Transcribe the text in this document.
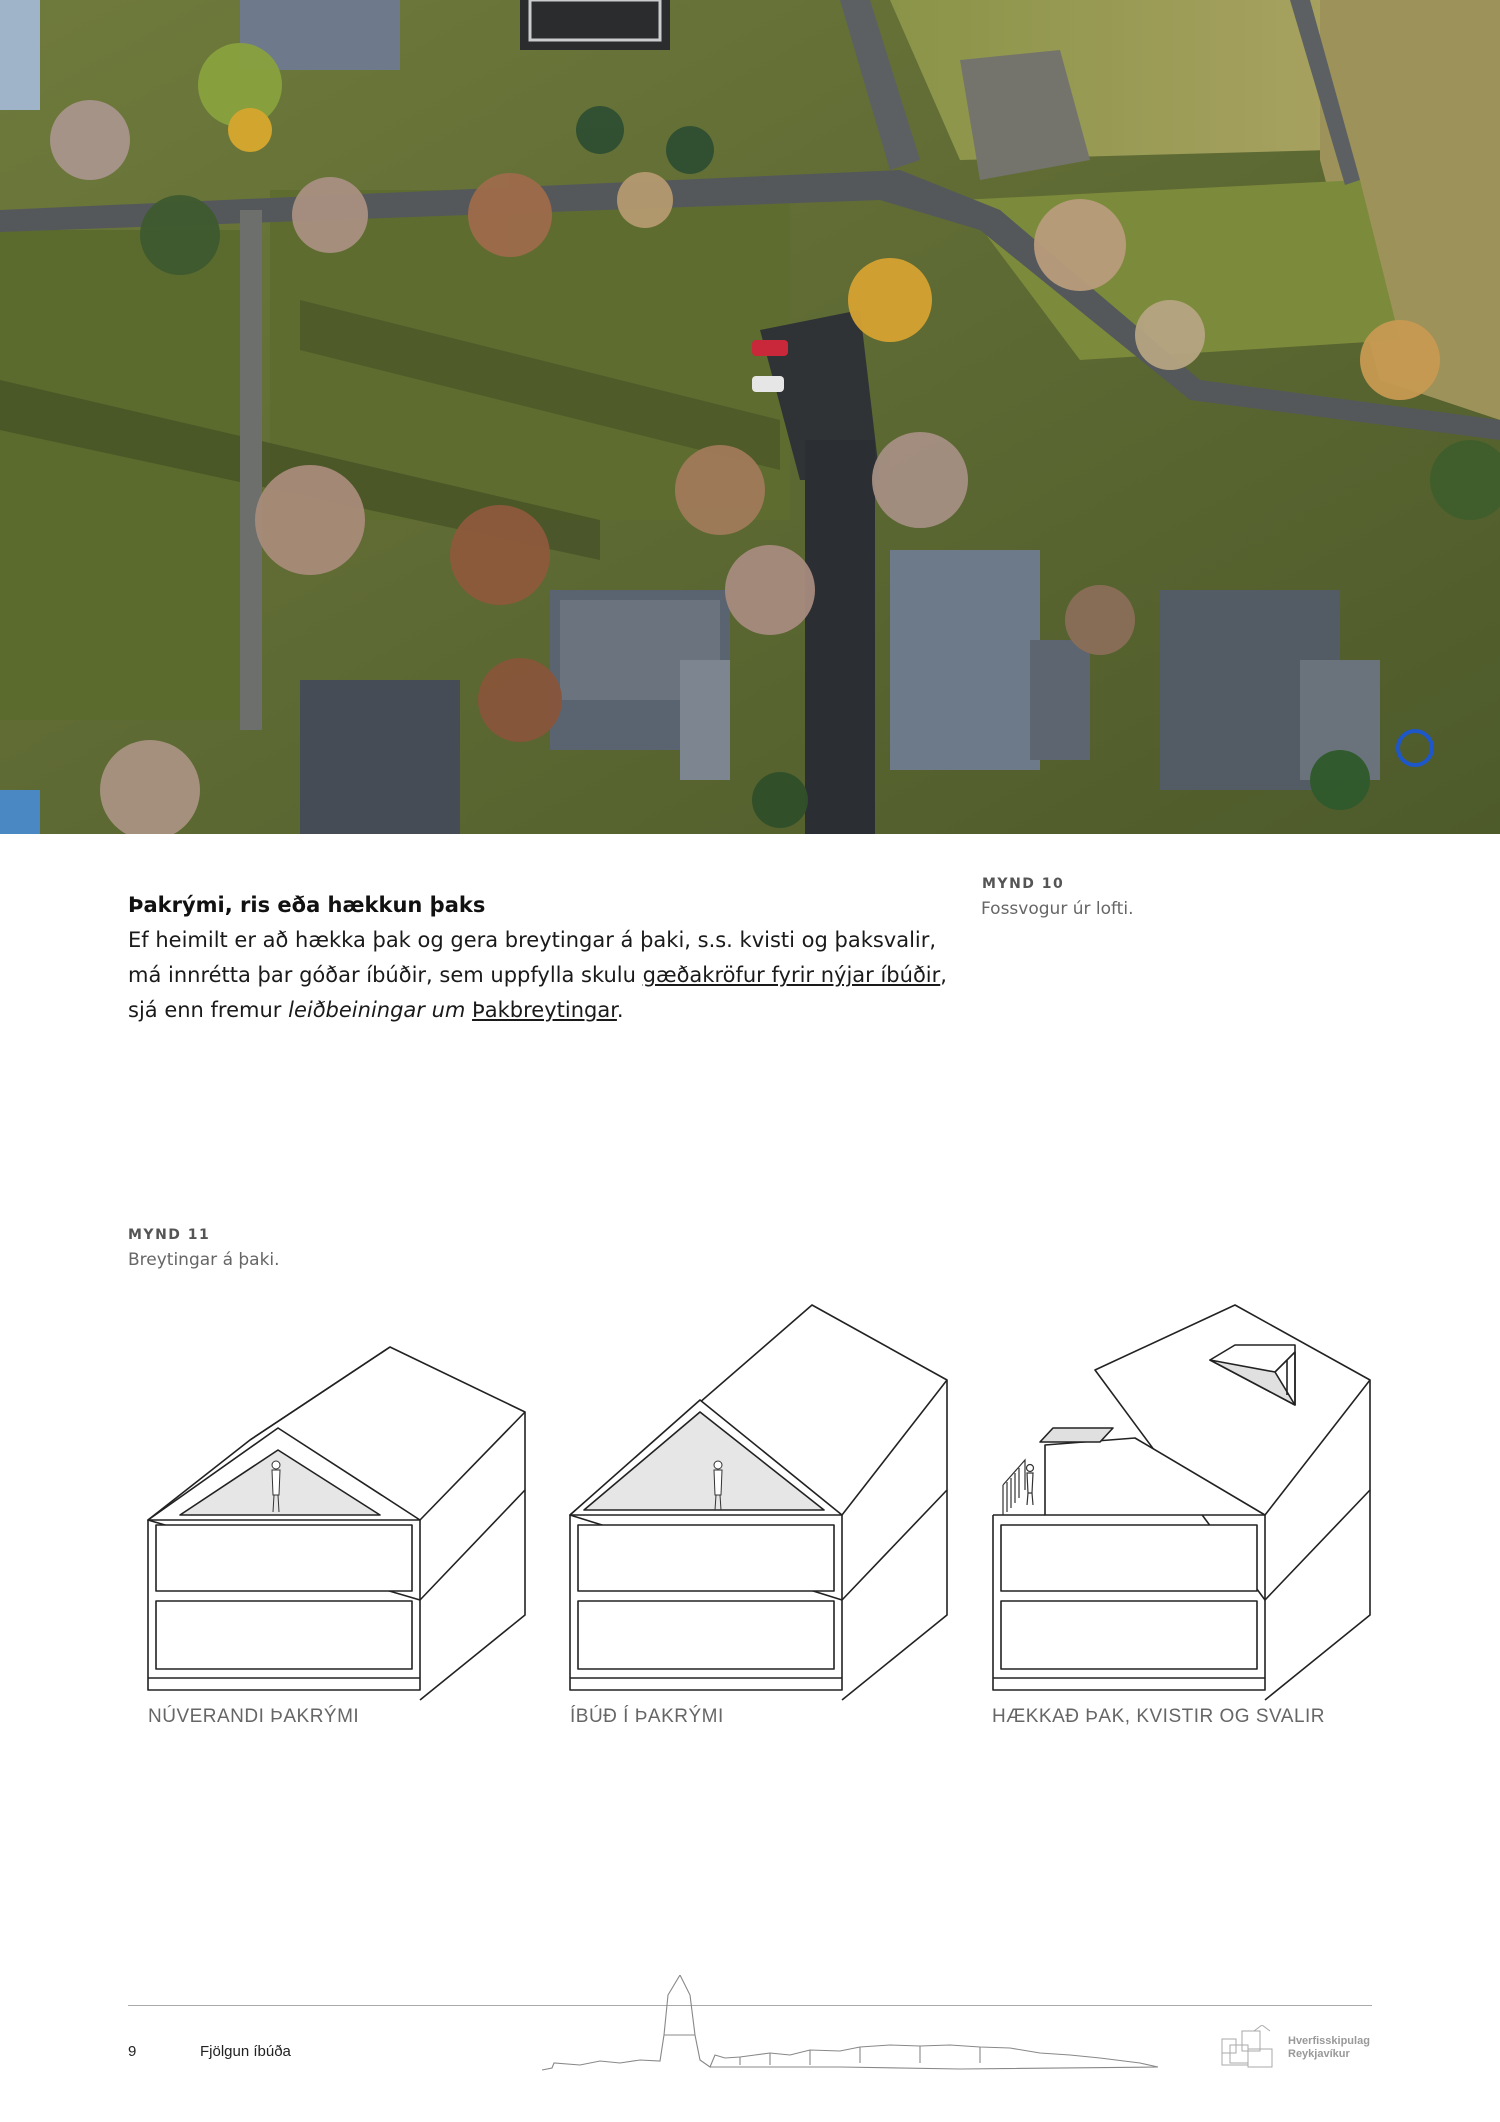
MYND 10
Fossvogur úr lofti.
Þakrými, ris eða hækkun þaks

Ef heimilt er að hækka þak og gera breytingar á þaki, s.s. kvisti og þaksvalir, má innrétta þar góðar íbúðir, sem uppfylla skulu gæðakröfur fyrir nýjar íbúðir, sjá enn fremur leiðbeiningar um Þakbreytingar.

MYND 11
Breytingar á þaki.
NÚVERANDI ÞAKRÝMI	ÍBÚÐ Í ÞAKRÝMI	HÆKKAÐ ÞAK, KVISTIR OG SVALIR
9	Fjölgun íbúða
Hverfisskipulag
Reykjavíkur
